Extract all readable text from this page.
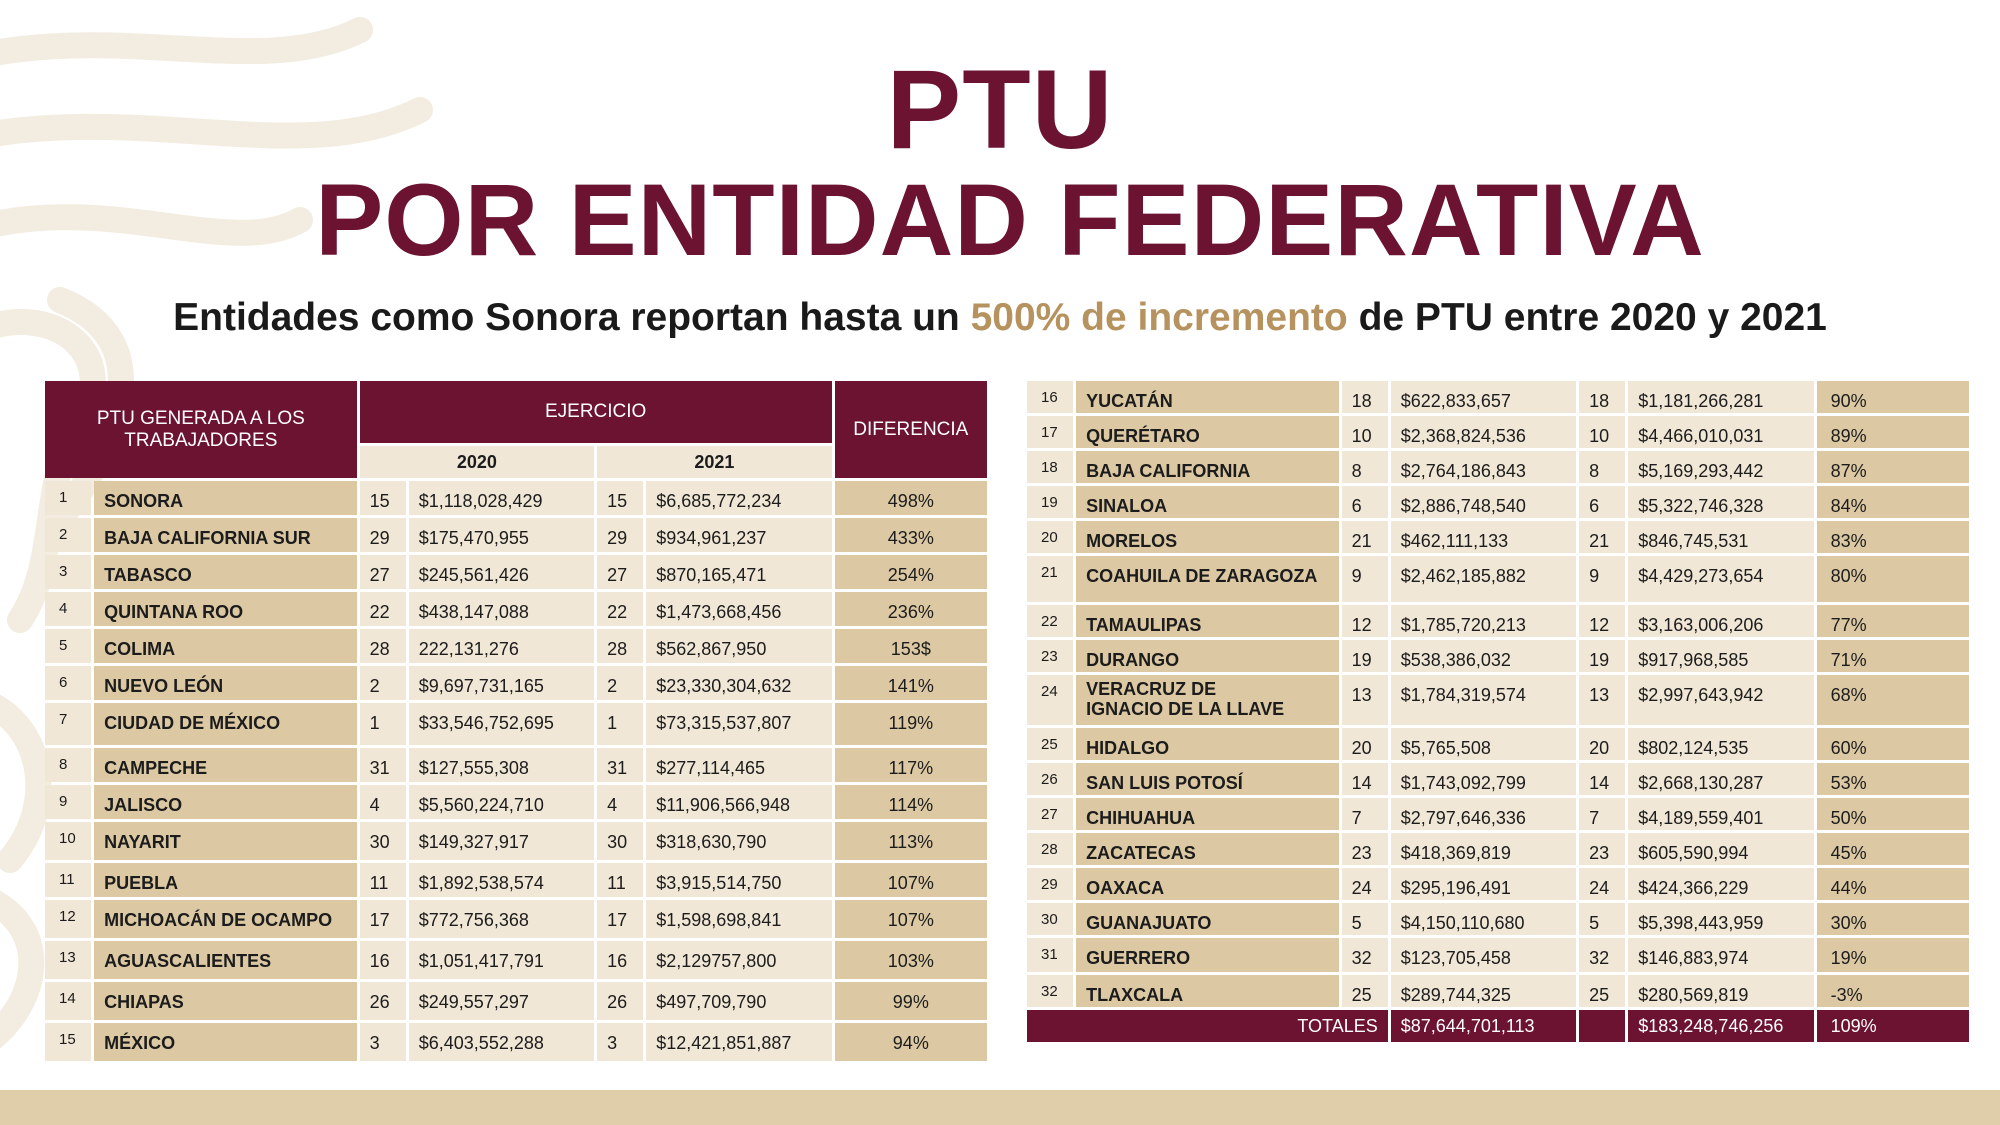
PTU
POR ENTIDAD FEDERATIVA
Entidades como Sonora reportan hasta un 500% de incremento de PTU entre 2020 y 2021
PTU GENERADA A LOS TRABAJADORES		EJERCICIO				DIFERENCIA
		2020		2021		
1	SONORA	15	$1,118,028,429	15	$6,685,772,234	498%
2	BAJA CALIFORNIA SUR	29	$175,470,955	29	$934,961,237	433%
3	TABASCO	27	$245,561,426	27	$870,165,471	254%
4	QUINTANA ROO	22	$438,147,088	22	$1,473,668,456	236%
5	COLIMA	28	222,131,276	28	$562,867,950	153$
6	NUEVO LEÓN	2	$9,697,731,165	2	$23,330,304,632	141%
7	CIUDAD DE MÉXICO	1	$33,546,752,695	1	$73,315,537,807	119%
8	CAMPECHE	31	$127,555,308	31	$277,114,465	117%
9	JALISCO	4	$5,560,224,710	4	$11,906,566,948	114%
10	NAYARIT	30	$149,327,917	30	$318,630,790	113%
11	PUEBLA	11	$1,892,538,574	11	$3,915,514,750	107%
12	MICHOACÁN DE OCAMPO	17	$772,756,368	17	$1,598,698,841	107%
13	AGUASCALIENTES	16	$1,051,417,791	16	$2,129757,800	103%
14	CHIAPAS	26	$249,557,297	26	$497,709,790	99%
15	MÉXICO	3	$6,403,552,288	3	$12,421,851,887	94%
16	YUCATÁN	18	$622,833,657	18	$1,181,266,281	90%
17	QUERÉTARO	10	$2,368,824,536	10	$4,466,010,031	89%
18	BAJA CALIFORNIA	8	$2,764,186,843	8	$5,169,293,442	87%
19	SINALOA	6	$2,886,748,540	6	$5,322,746,328	84%
20	MORELOS	21	$462,111,133	21	$846,745,531	83%
21	COAHUILA DE ZARAGOZA	9	$2,462,185,882	9	$4,429,273,654	80%
22	TAMAULIPAS	12	$1,785,720,213	12	$3,163,006,206	77%
23	DURANGO	19	$538,386,032	19	$917,968,585	71%
24	VERACRUZ DE
IGNACIO DE LA LLAVE	13	$1,784,319,574	13	$2,997,643,942	68%
25	HIDALGO	20	$5,765,508	20	$802,124,535	60%
26	SAN LUIS POTOSÍ	14	$1,743,092,799	14	$2,668,130,287	53%
27	CHIHUAHUA	7	$2,797,646,336	7	$4,189,559,401	50%
28	ZACATECAS	23	$418,369,819	23	$605,590,994	45%
29	OAXACA	24	$295,196,491	24	$424,366,229	44%
30	GUANAJUATO	5	$4,150,110,680	5	$5,398,443,959	30%
31	GUERRERO	32	$123,705,458	32	$146,883,974	19%
32	TLAXCALA	25	$289,744,325	25	$280,569,819	-3%
TOTALES			$87,644,701,113		$183,248,746,256	109%
